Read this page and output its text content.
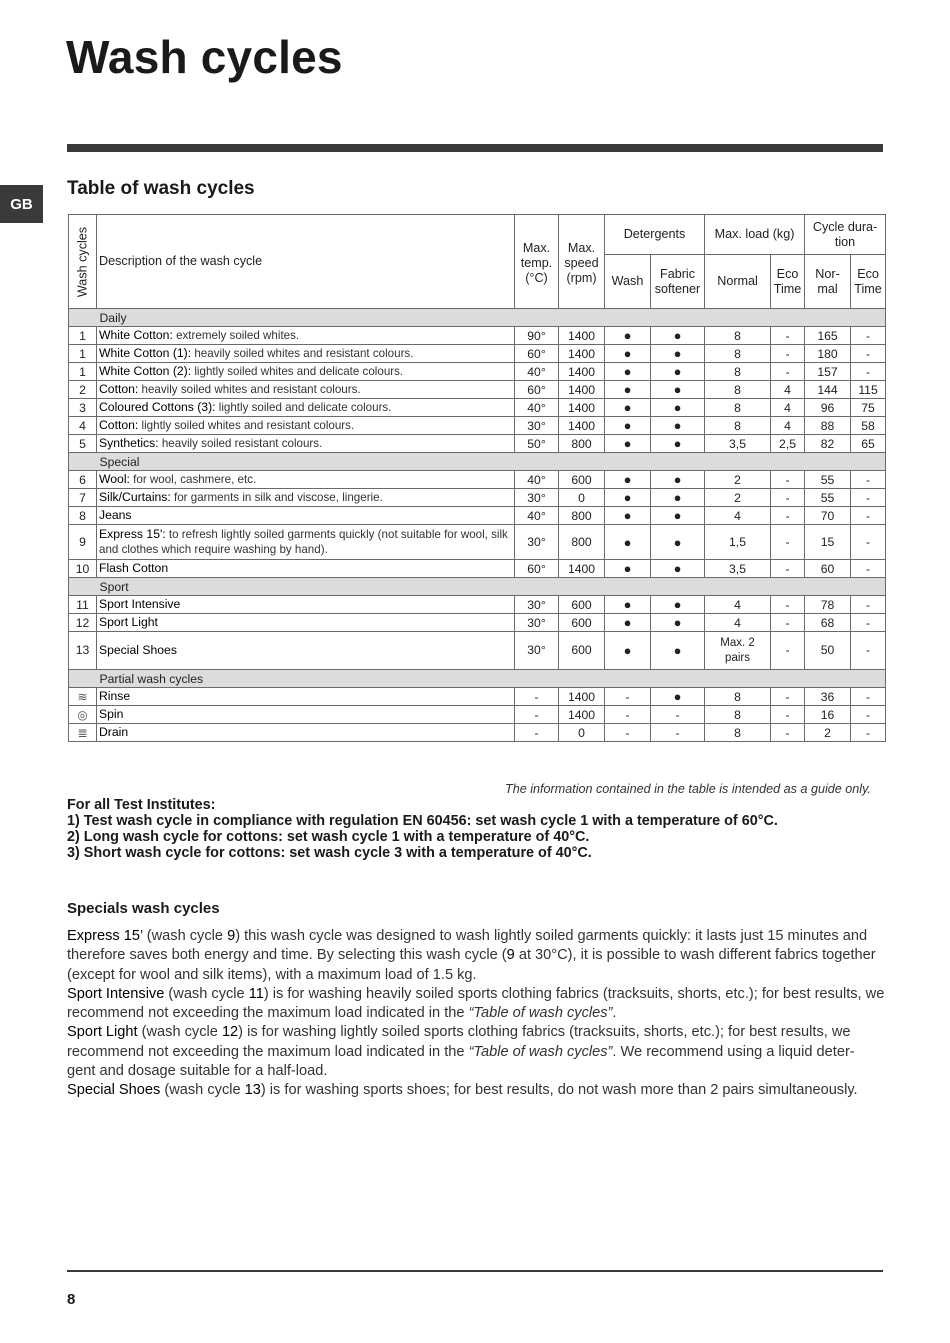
Wash cycles
GB
Table of wash cycles
Wash cycles	Description of the wash cycle	Max. temp. (°C)	Max. speed (rpm)	Detergents		Max. load (kg)		Cycle dura- tion	
				Wash	Fabric softener	Normal	Eco Time	Nor- mal	Eco Time
	Daily								
1	White Cotton: extremely soiled whites.	90°	1400	●	●	8	-	165	-
1	White Cotton (1): heavily soiled whites and resistant colours.	60°	1400	●	●	8	-	180	-
1	White Cotton (2): lightly soiled whites and delicate colours.	40°	1400	●	●	8	-	157	-
2	Cotton: heavily soiled whites and resistant colours.	60°	1400	●	●	8	4	144	115
3	Coloured Cottons (3): lightly soiled and delicate colours.	40°	1400	●	●	8	4	96	75
4	Cotton: lightly soiled whites and resistant colours.	30°	1400	●	●	8	4	88	58
5	Synthetics: heavily soiled resistant colours.	50°	800	●	●	3,5	2,5	82	65
	Special								
6	Wool: for wool, cashmere, etc.	40°	600	●	●	2	-	55	-
7	Silk/Curtains: for garments in silk and viscose, lingerie.	30°	0	●	●	2	-	55	-
8	Jeans	40°	800	●	●	4	-	70	-
9	Express 15': to refresh lightly soiled garments quickly (not suitable for wool, silk and clothes which require washing by hand).	30°	800	●	●	1,5	-	15	-
10	Flash Cotton	60°	1400	●	●	3,5	-	60	-
	Sport								
11	Sport Intensive	30°	600	●	●	4	-	78	-
12	Sport Light	30°	600	●	●	4	-	68	-
13	Special Shoes	30°	600	●	●	Max. 2 pairs	-	50	-
	Partial wash cycles								
≋	Rinse	-	1400	-	●	8	-	36	-
◎	Spin	-	1400	-	-	8	-	16	-
≣	Drain	-	0	-	-	8	-	2	-

The information contained in the table is intended as a guide only.

For all Test Institutes:
1) Test wash cycle in compliance with regulation EN 60456: set wash cycle 1 with a temperature of 60°C.
2) Long wash cycle for cottons: set wash cycle 1 with a temperature of 40°C.
3) Short wash cycle for cottons: set wash cycle 3 with a temperature of 40°C.
Specials wash cycles

Express 15’ (wash cycle 9) this wash cycle was designed to wash lightly soiled garments quickly: it lasts just 15 minutes and therefore saves both energy and time. By selecting this wash cycle (9 at 30°C), it is possible to wash different fabrics together (except for wool and silk items), with a maximum load of 1.5 kg.

Sport Intensive (wash cycle 11) is for washing heavily soiled sports clothing fabrics (tracksuits, shorts, etc.); for best results, we recommend not exceeding the maximum load indicated in the “Table of wash cycles”.

Sport Light (wash cycle 12) is for washing lightly soiled sports clothing fabrics (tracksuits, shorts, etc.); for best results, we recommend not exceeding the maximum load indicated in the “Table of wash cycles”. We recommend using a liquid deter- gent and dosage suitable for a half-load.

Special Shoes (wash cycle 13) is for washing sports shoes; for best results, do not wash more than 2 pairs simultaneously.

8
